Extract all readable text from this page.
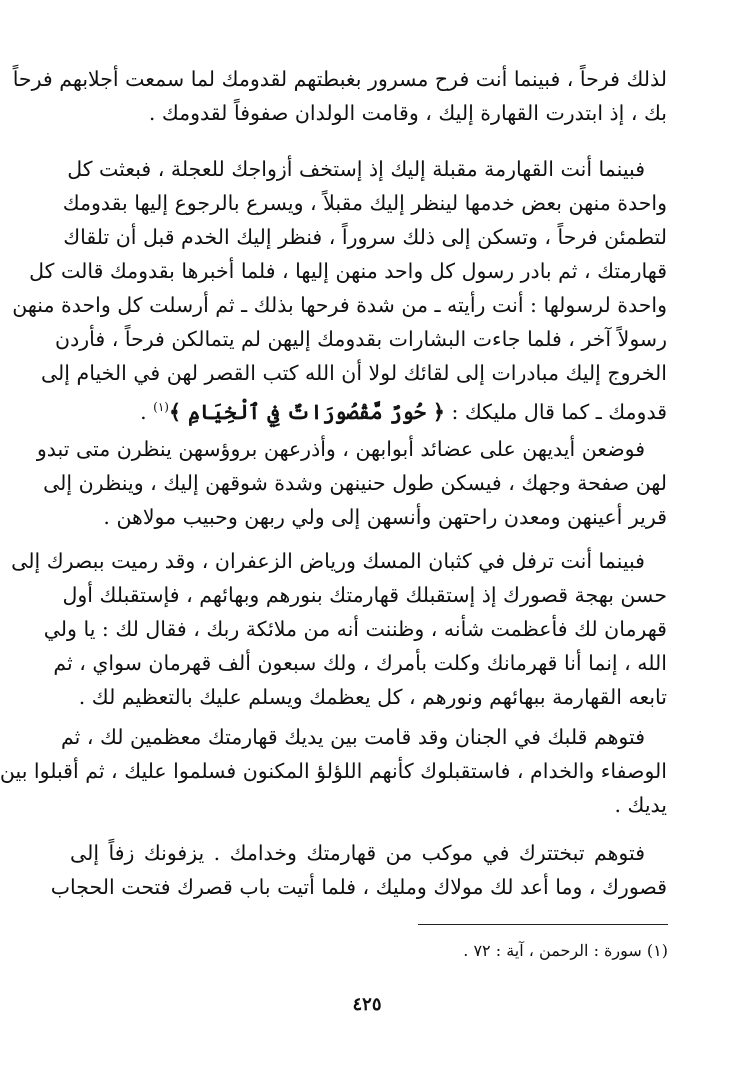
لذلك فرحاً ، فبينما أنت فرح مسرور بغبطتهم لقدومك لما سمعت أجلابهم فرحاً
بك ، إذ ابتدرت القهارة إليك ، وقامت الولدان صفوفاً لقدومك .

فبينما أنت القهارمة مقبلة إليك إذ إستخف أزواجك للعجلة ، فبعثت كل
واحدة منهن بعض خدمها لينظر إليك مقبلاً ، ويسرع بالرجوع إليها بقدومك
لتطمئن فرحاً ، وتسكن إلى ذلك سروراً ، فنظر إليك الخدم قبل أن تلقاك
قهارمتك ، ثم بادر رسول كل واحد منهن إليها ، فلما أخبرها بقدومك قالت كل
واحدة لرسولها : أنت رأيته ـ من شدة فرحها بذلك ـ ثم أرسلت كل واحدة منهن
رسولاً آخر ، فلما جاءت البشارات بقدومك إليهن لم يتمالكن فرحاً ، فأردن
الخروج إليك مبادرات إلى لقائك لولا أن الله كتب القصر لهن في الخيام إلى
قدومك ـ كما قال مليكك : ﴿ حُورٌ مَّقْصُورَاتٌ فِي ٱلْخِيَامِ ﴾$^{(١)}$ .

فوضعن أيديهن على عضائد أبوابهن ، وأذرعهن بروؤسهن ينظرن متى تبدو
لهن صفحة وجهك ، فيسكن طول حنينهن وشدة شوقهن إليك ، وينظرن إلى
قرير أعينهن ومعدن راحتهن وأنسهن إلى ولي ربهن وحبيب مولاهن .

فبينما أنت ترفل في كثبان المسك ورياض الزعفران ، وقد رميت ببصرك إلى
حسن بهجة قصورك إذ إستقبلك قهارمتك بنورهم وبهائهم ، فإستقبلك أول
قهرمان لك فأعظمت شأنه ، وظننت أنه من ملائكة ربك ، فقال لك : يا ولي
الله ، إنما أنا قهرمانك وكلت بأمرك ، ولك سبعون ألف قهرمان سواي ، ثم
تابعه القهارمة ببهائهم ونورهم ، كل يعظمك ويسلم عليك بالتعظيم لك .

فتوهم قلبك في الجنان وقد قامت بين يديك قهارمتك معظمين لك ، ثم
الوصفاء والخدام ، فاستقبلوك كأنهم اللؤلؤ المكنون فسلموا عليك ، ثم أقبلوا بين
يديك .

فتوهم تبختترك في موكب من قهارمتك وخدامك . يزفونك زفاً إلى
قصورك ، وما أعد لك مولاك ومليك ، فلما أتيت باب قصرك فتحت الحجاب

(١) سورة : الرحمن ، آية : ٧٢ .
٤٢٥
